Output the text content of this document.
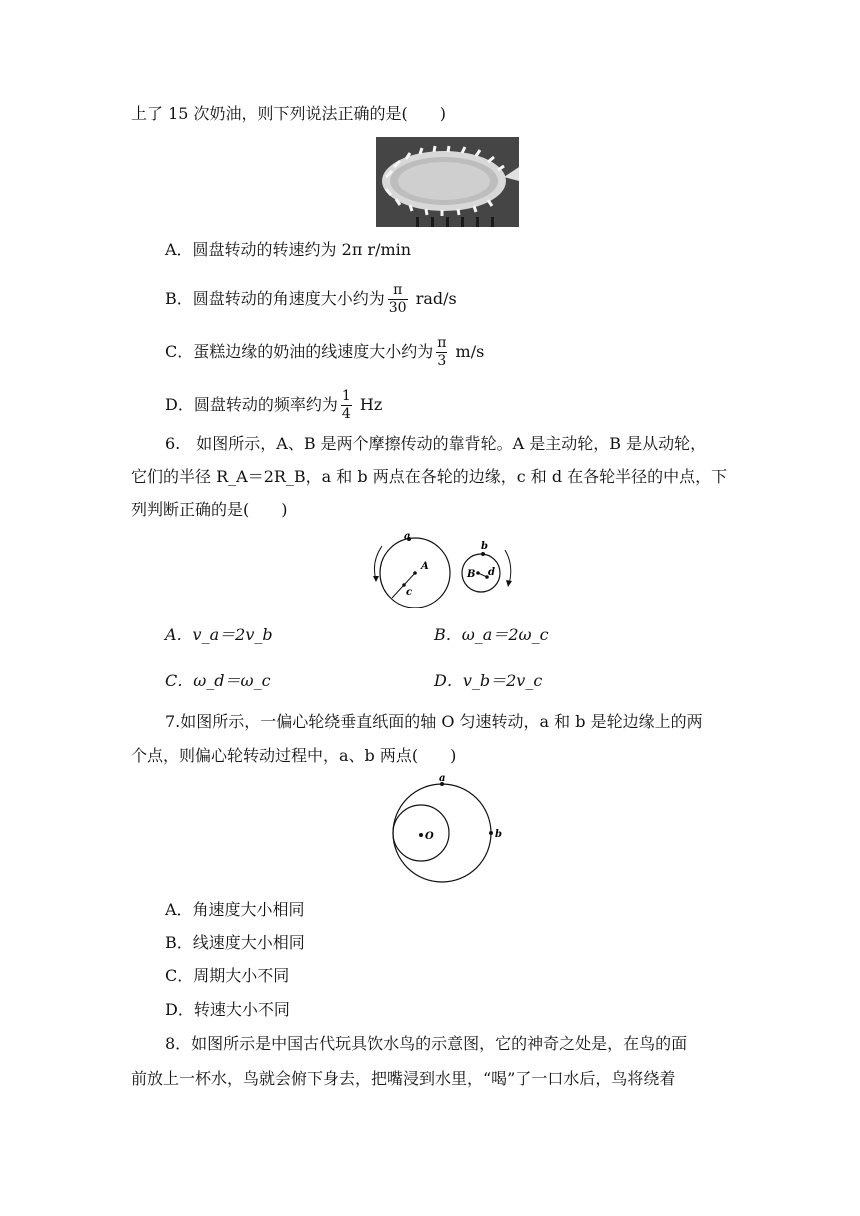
上了 15 次奶油，则下列说法正确的是(　　)
A．圆盘转动的转速约为 2π r/min
B．圆盘转动的角速度大小约为 $\frac{\pi}{30} rad/s$
C．蛋糕边缘的奶油的线速度大小约为 $\frac{\pi}{3} m/s$
D．圆盘转动的频率约为 $\frac{1}{4}$ Hz
6.　如图所示，A、B 是两个摩擦传动的靠背轮。A 是主动轮，B 是从动轮，
它们的半径 R_A＝2R_B，a 和 b 两点在各轮的边缘，c 和 d 在各轮半径的中点，下
列判断正确的是(　　)
a
A
c
b
B d
A．v_a＝2v_b	B．ω_a＝2ω_c
C．ω_d＝ω_c	D．v_b＝2v_c
7.如图所示，一偏心轮绕垂直纸面的轴 O 匀速转动，a 和 b 是轮边缘上的两
个点，则偏心轮转动过程中，a、b 两点(　　)
a
O	b
A．角速度大小相同
B．线速度大小相同
C．周期大小不同
D．转速大小不同
8．如图所示是中国古代玩具饮水鸟的示意图，它的神奇之处是，在鸟的面
前放上一杯水，鸟就会俯下身去，把嘴浸到水里，“喝”了一口水后，鸟将绕着
